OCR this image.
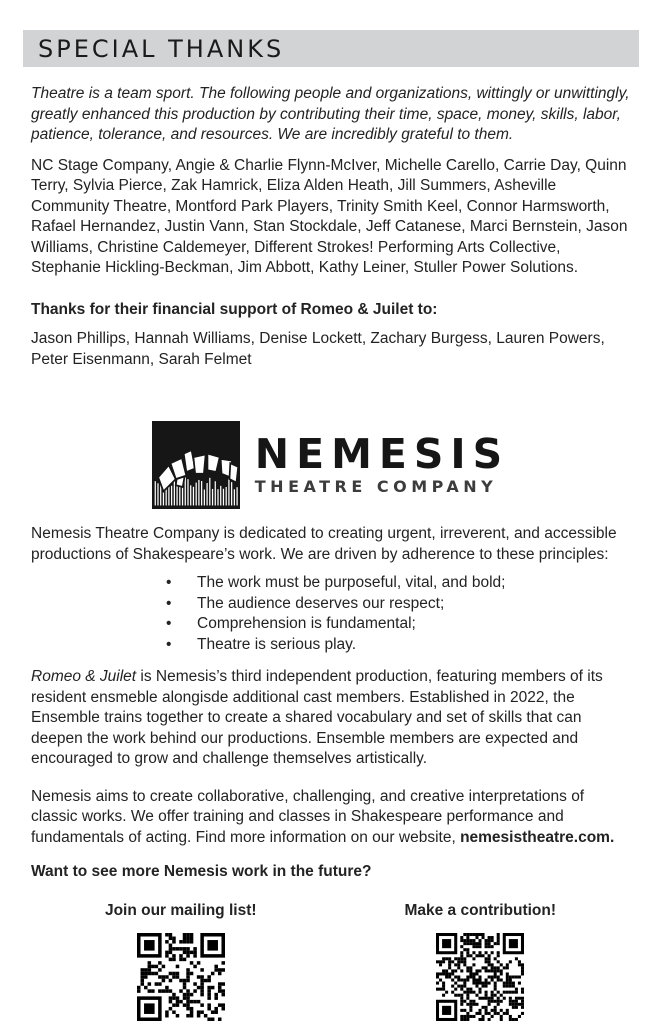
SPECIAL THANKS

Theatre is a team sport. The following people and organizations, wittingly or unwittingly, greatly enhanced this production by contributing their time, space, money, skills, labor, patience, tolerance, and resources. We are incredibly grateful to them.

NC Stage Company, Angie & Charlie Flynn-McIver, Michelle Carello, Carrie Day, Quinn Terry, Sylvia Pierce, Zak Hamrick, Eliza Alden Heath, Jill Summers, Asheville Community Theatre, Montford Park Players, Trinity Smith Keel, Connor Harmsworth, Rafael Hernandez, Justin Vann, Stan Stockdale, Jeff Catanese, Marci Bernstein, Jason Williams, Christine Caldemeyer, Different Strokes! Performing Arts Collective, Stephanie Hickling-Beckman, Jim Abbott, Kathy Leiner, Stuller Power Solutions.

Thanks for their financial support of Romeo & Juilet to:

Jason Phillips, Hannah Williams, Denise Lockett, Zachary Burgess, Lauren Powers, Peter Eisenmann, Sarah Felmet

NEMESIS
THEATRE COMPANY

Nemesis Theatre Company is dedicated to creating urgent, irreverent, and accessible productions of Shakespeare’s work. We are driven by adherence to these principles:

• The work must be purposeful, vital, and bold;
• The audience deserves our respect;
• Comprehension is fundamental;
• Theatre is serious play.

Romeo & Juilet is Nemesis’s third independent production, featuring members of its resident ensmeble alongisde additional cast members. Established in 2022, the Ensemble trains together to create a shared vocabulary and set of skills that can deepen the work behind our productions. Ensemble members are expected and encouraged to grow and challenge themselves artistically.

Nemesis aims to create collaborative, challenging, and creative interpretations of classic works. We offer training and classes in Shakespeare performance and fundamentals of acting. Find more information on our website, nemesistheatre.com.

Want to see more Nemesis work in the future?

Join our mailing list!	Make a contribution!
